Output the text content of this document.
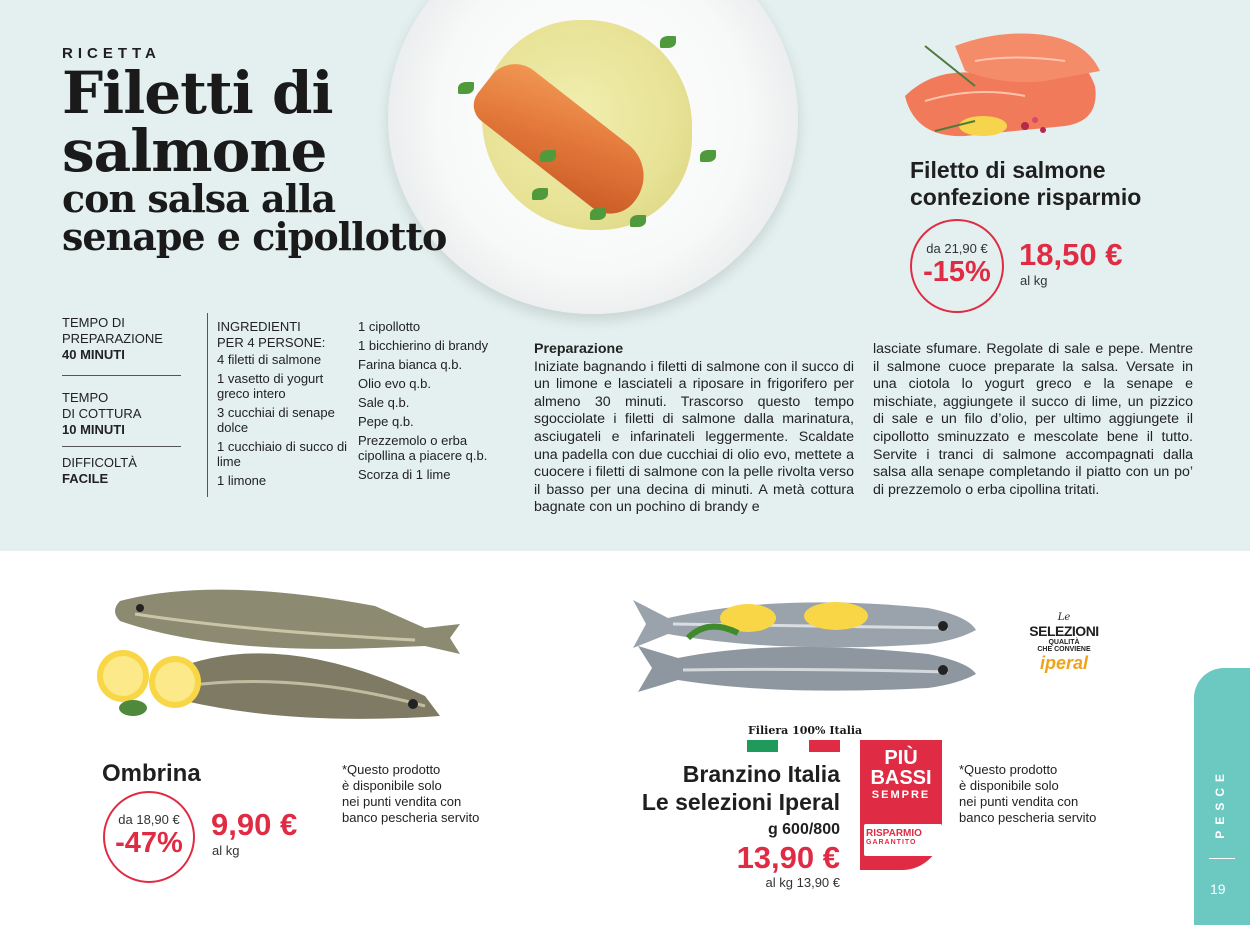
RICETTA
Filetti di
salmone
con salsa alla
senape e cipollotto
Filetto di salmone
confezione risparmio
da 21,90 €
-15% 18,50 €
al kg
TEMPO DI
PREPARAZIONE
40 MINUTI
TEMPO
DI COTTURA
10 MINUTI
DIFFICOLTÀ
FACILE
INGREDIENTI
PER 4 PERSONE:
4 filetti di salmone
1 vasetto di yogurt greco intero
3 cucchiai di senape dolce
1 cucchiaio di succo di lime
1 limone
1 cipollotto
1 bicchierino di brandy
Farina bianca q.b.
Olio evo q.b.
Sale q.b.
Pepe q.b.
Prezzemolo o erba cipollina a piacere q.b.
Scorza di 1 lime
Preparazione
Iniziate bagnando i filetti di salmone con il succo di un limone e lasciateli a riposare in frigorifero per almeno 30 minuti. Trascorso questo tempo sgocciolate i filetti di salmone dalla marinatura, asciugateli e infarinateli leggermente. Scaldate una padella con due cucchiai di olio evo, mettete a cuocere i filetti di salmone con la pelle rivolta verso il basso per una decina di minuti. A metà cottura bagnate con un pochino di brandy e
lasciate sfumare. Regolate di sale e pepe. Mentre il salmone cuoce preparate la salsa. Versate in una ciotola lo yogurt greco e la senape e mischiate, aggiungete il succo di lime, un pizzico di sale e un filo d’olio, per ultimo aggiungete il cipollotto sminuzzato e mescolate bene il tutto. Servite i tranci di salmone accompagnati dalla salsa alla senape completando il piatto con un po’ di prezzemolo o erba cipollina tritati.
Ombrina
da 18,90 €
-47%
9,90 €
al kg
*Questo prodotto
è disponibile solo
nei punti vendita con
banco pescheria servito
Le
SELEZIONI
QUALITÀ
CHE CONVIENE
iperal
Filiera 100% Italia
Branzino Italia
Le selezioni Iperal
g 600/800
13,90 €
al kg 13,90 €
PIÙ
BASSI
SEMPRE
RISPARMIO
GARANTITO
*Questo prodotto
è disponibile solo
nei punti vendita con
banco pescheria servito	PESCE
19
